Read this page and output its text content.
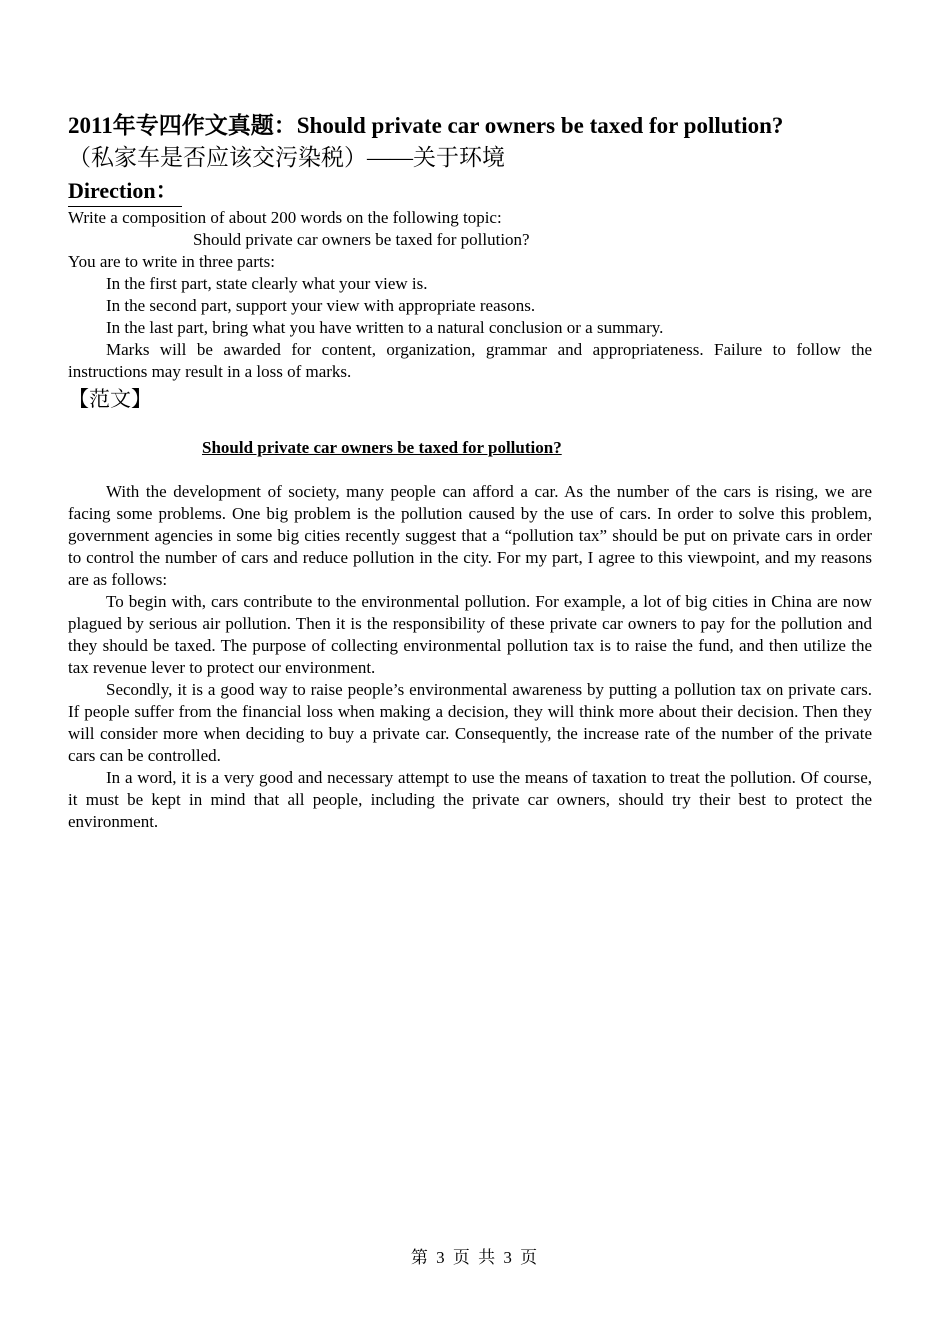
2011年专四作文真题：Should private car owners be taxed for pollution?
（私家车是否应该交污染税）——关于环境
Direction：

Write a composition of about 200 words on the following topic:

Should private car owners be taxed for pollution?

You are to write in three parts:

In the first part, state clearly what your view is.

In the second part, support your view with appropriate reasons.

In the last part, bring what you have written to a natural conclusion or a summary.

Marks will be awarded for content, organization, grammar and appropriateness. Failure to follow the instructions may result in a loss of marks.

【范文】
Should private car owners be taxed for pollution?

With the development of society, many people can afford a car. As the number of the cars is rising, we are facing some problems. One big problem is the pollution caused by the use of cars. In order to solve this problem, government agencies in some big cities recently suggest that a “pollution tax” should be put on private cars in order to control the number of cars and reduce pollution in the city. For my part, I agree to this viewpoint, and my reasons are as follows:

To begin with, cars contribute to the environmental pollution. For example, a lot of big cities in China are now plagued by serious air pollution. Then it is the responsibility of these private car owners to pay for the pollution and they should be taxed. The purpose of collecting environmental pollution tax is to raise the fund, and then utilize the tax revenue lever to protect our environment.

Secondly, it is a good way to raise people’s environmental awareness by putting a pollution tax on private cars. If people suffer from the financial loss when making a decision, they will think more about their decision. Then they will consider more when deciding to buy a private car. Consequently, the increase rate of the number of the private cars can be controlled.

In a word, it is a very good and necessary attempt to use the means of taxation to treat the pollution. Of course, it must be kept in mind that all people, including the private car owners, should try their best to protect the environment.

第 3 页 共 3 页
